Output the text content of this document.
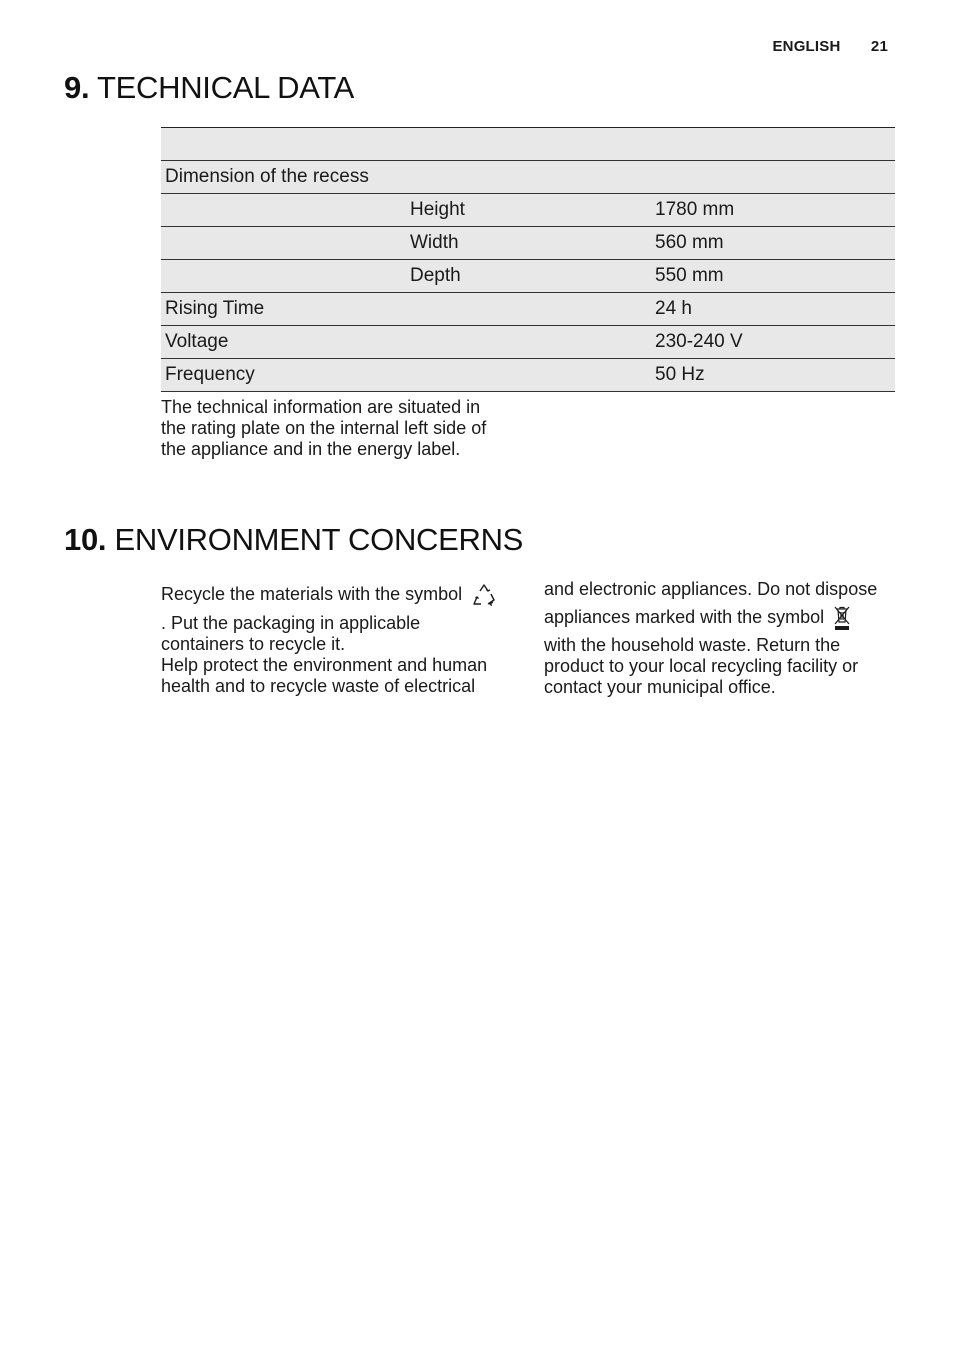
ENGLISH 21
9. TECHNICAL DATA

Dimension of the recess		
	Height	1780 mm
	Width	560 mm
	Depth	550 mm
Rising Time		24 h
Voltage		230-240 V
Frequency		50 Hz
The technical information are situated in
the rating plate on the internal left side of
the appliance and in the energy label.
10. ENVIRONMENT CONCERNS
Recycle the materials with the symbol
. Put the packaging in applicable
containers to recycle it.
Help protect the environment and human
health and to recycle waste of electrical
and electronic appliances. Do not dispose
appliances marked with the symbol
with the household waste. Return the
product to your local recycling facility or
contact your municipal office.
